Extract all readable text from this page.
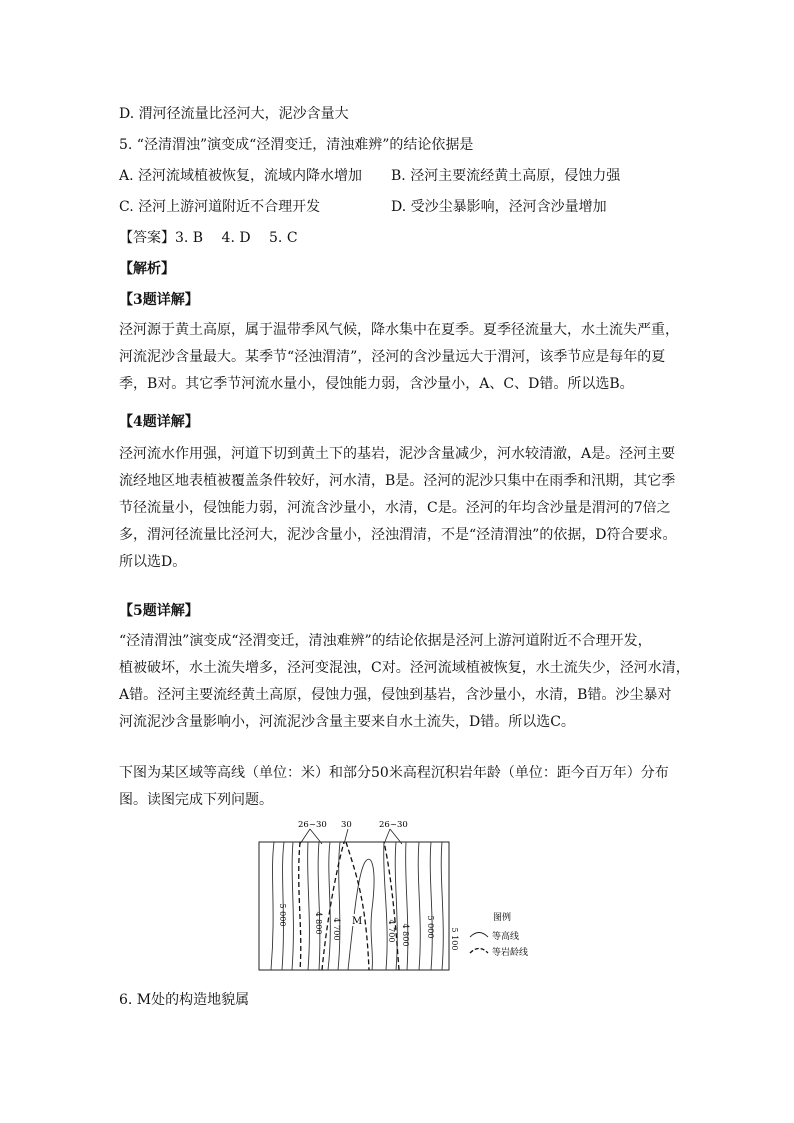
D. 渭河径流量比泾河大，泥沙含量大
5. “泾清渭浊”演变成“泾渭变迁，清浊难辨”的结论依据是
A. 泾河流域植被恢复，流域内降水增加 B. 泾河主要流经黄土高原，侵蚀力强
C. 泾河上游河道附近不合理开发	D. 受沙尘暴影响，泾河含沙量增加
【答案】3. B　 4. D　 5. C
【解析】
【3题详解】

泾河源于黄土高原，属于温带季风气候，降水集中在夏季。夏季径流量大，水土流失严重，

河流泥沙含量最大。某季节“泾浊渭清”，泾河的含沙量远大于渭河，该季节应是每年的夏

季，B对。其它季节河流水量小，侵蚀能力弱，含沙量小，A、C、D错。所以选B。

【4题详解】

泾河流水作用强，河道下切到黄土下的基岩，泥沙含量减少，河水较清澈，A是。泾河主要

流经地区地表植被覆盖条件较好，河水清，B是。泾河的泥沙只集中在雨季和汛期，其它季

节径流量小，侵蚀能力弱，河流含沙量小，水清，C是。泾河的年均含沙量是渭河的7倍之

多，渭河径流量比泾河大，泥沙含量小，泾浊渭清，不是“泾清渭浊”的依据，D符合要求。

所以选D。

【5题详解】

“泾清渭浊”演变成“泾渭变迁，清浊难辨”的结论依据是泾河上游河道附近不合理开发，

植被破坏，水土流失增多，泾河变混浊，C对。泾河流域植被恢复，水土流失少，泾河水清，

A错。泾河主要流经黄土高原，侵蚀力强，侵蚀到基岩，含沙量小，水清，B错。沙尘暴对

河流泥沙含量影响小，河流泥沙含量主要来自水土流失，D错。所以选C。

下图为某区域等高线（单位：米）和部分50米高程沉积岩年龄（单位：距今百万年）分布

图。读图完成下列问题。

26~30 30	26~30
5 000	4 800 4 700	4 700 4 800 5 000
5 100
M	图例
等高线
等岩龄线
6. M处的构造地貌属
